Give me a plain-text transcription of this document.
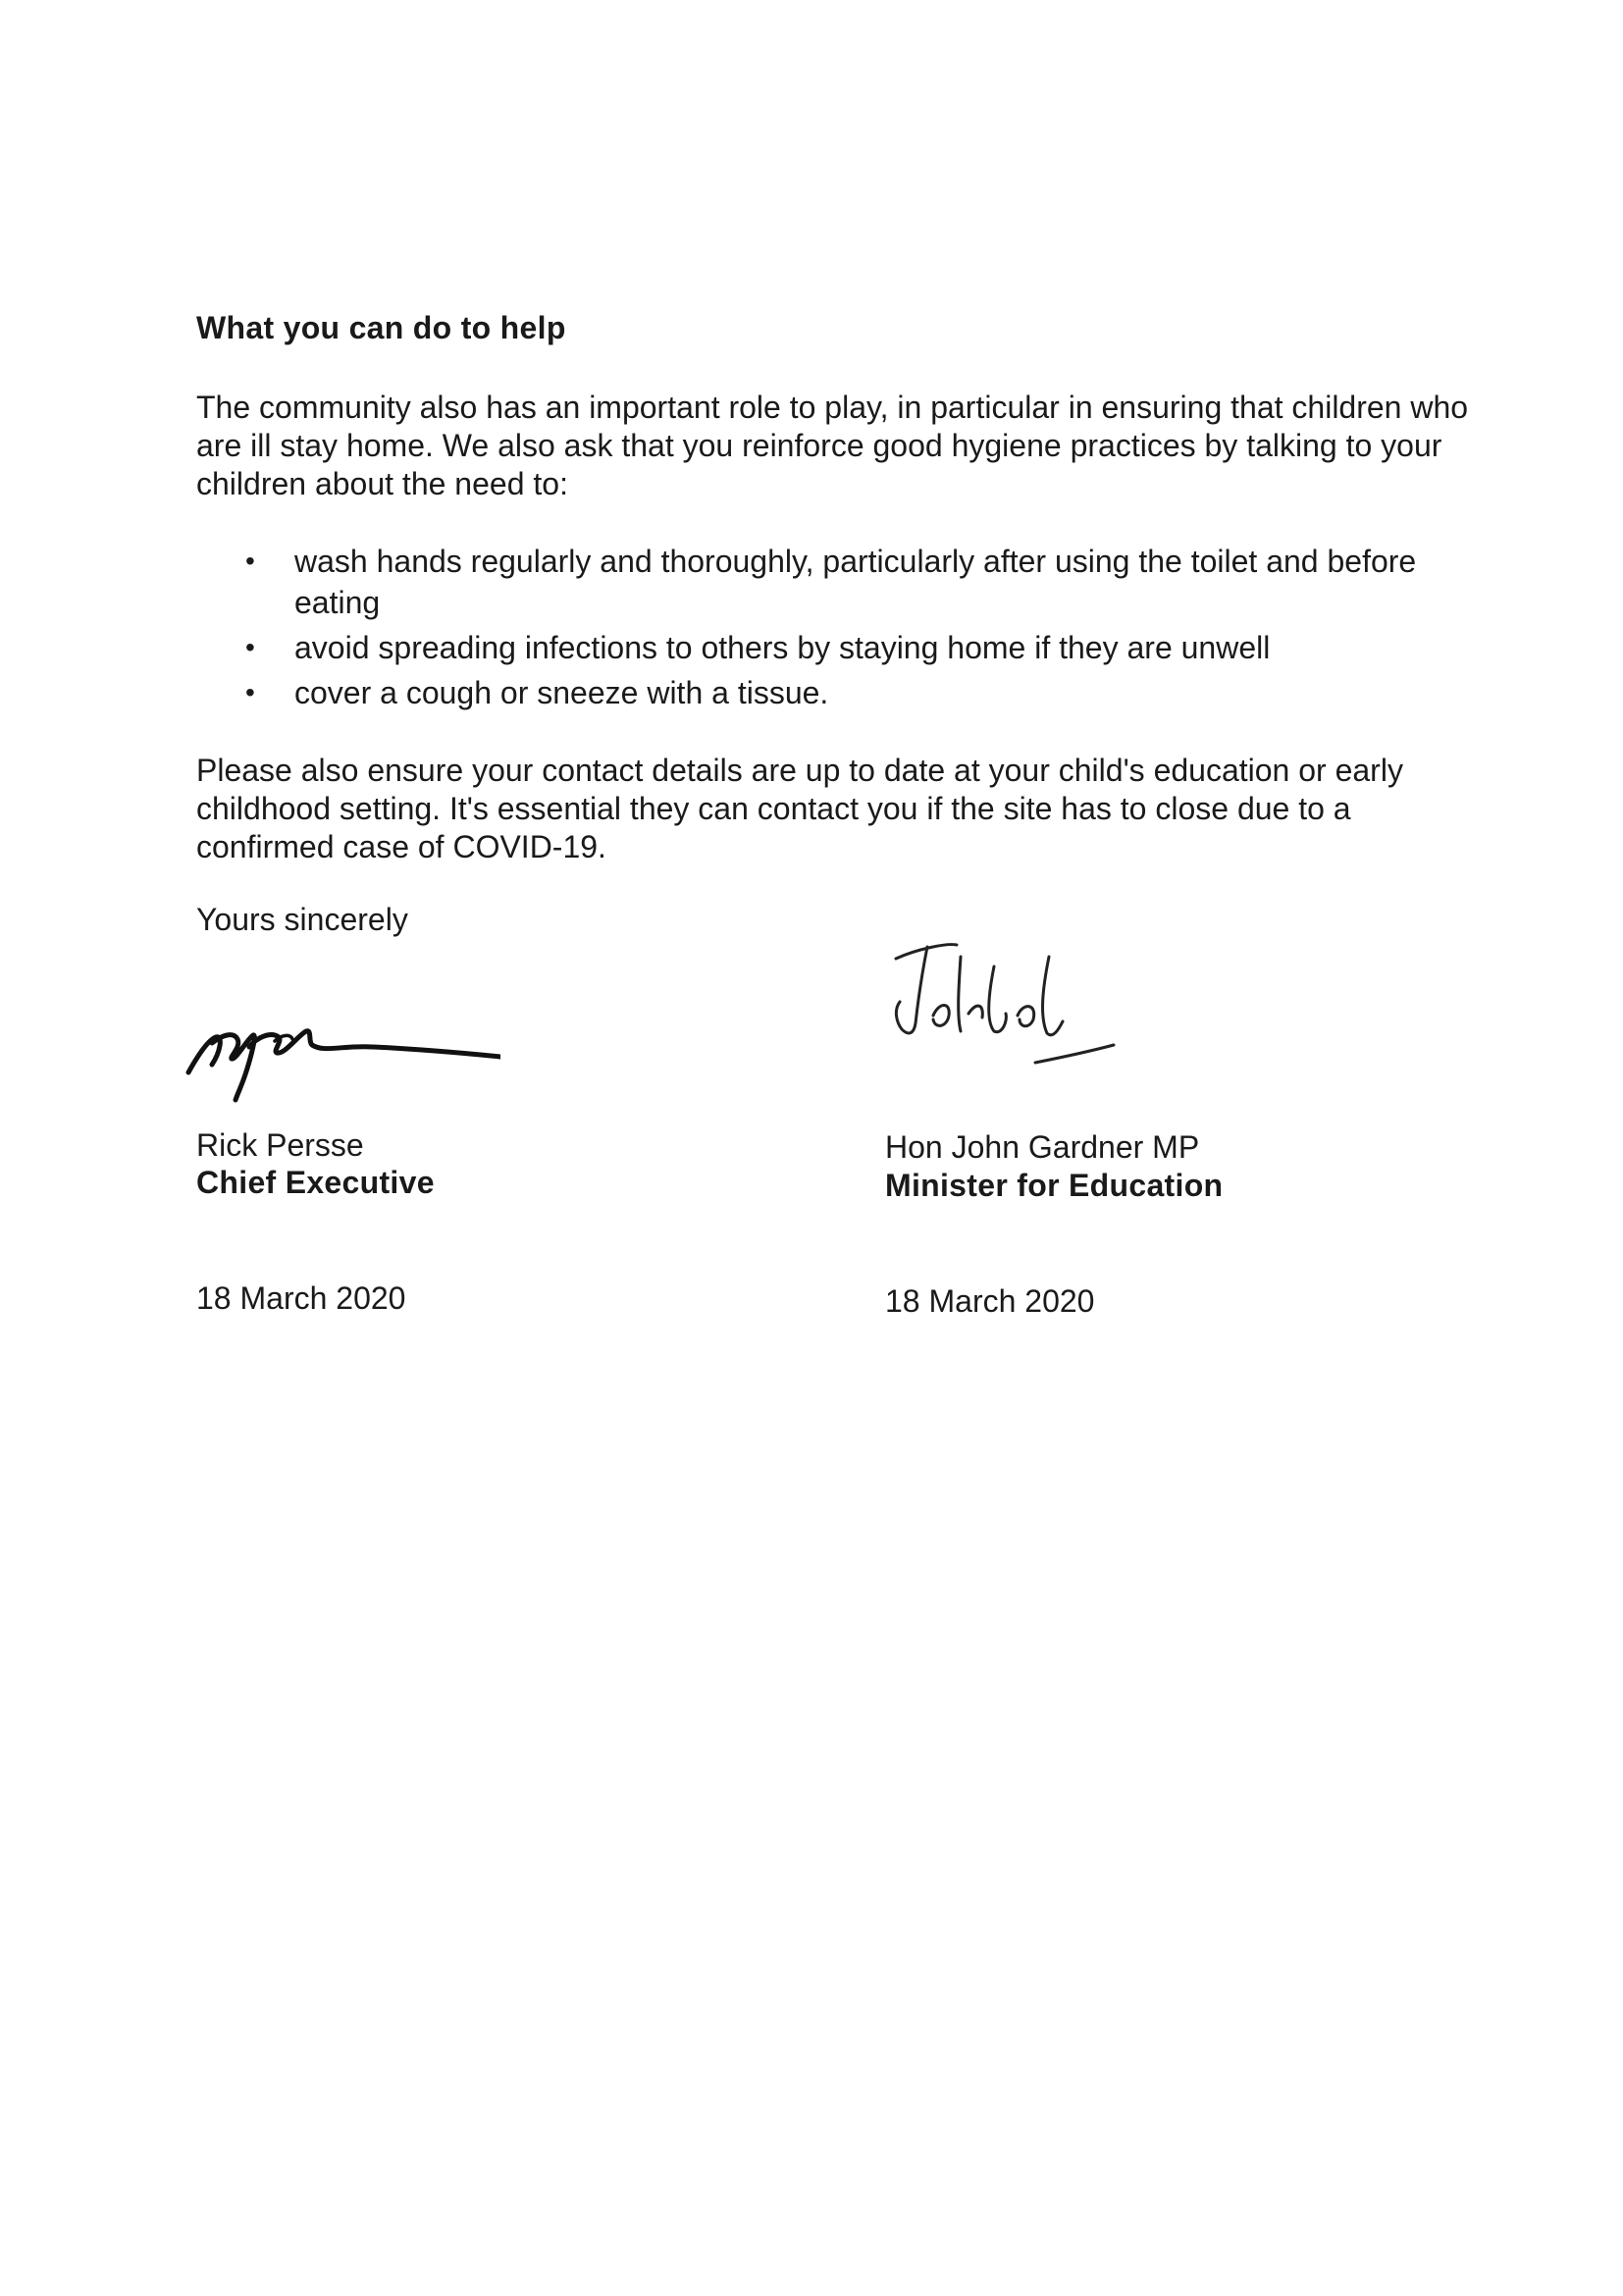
What you can do to help
The community also has an important role to play, in particular in ensuring that children who are ill stay home. We also ask that you reinforce good hygiene practices by talking to your children about the need to:
• wash hands regularly and thoroughly, particularly after using the toilet and before eating
• avoid spreading infections to others by staying home if they are unwell
• cover a cough or sneeze with a tissue.
Please also ensure your contact details are up to date at your child's education or early childhood setting. It's essential they can contact you if the site has to close due to a confirmed case of COVID-19.
Yours sincerely
Rick Persse
Chief Executive
18 March 2020
Hon John Gardner MP
Minister for Education
18 March 2020
